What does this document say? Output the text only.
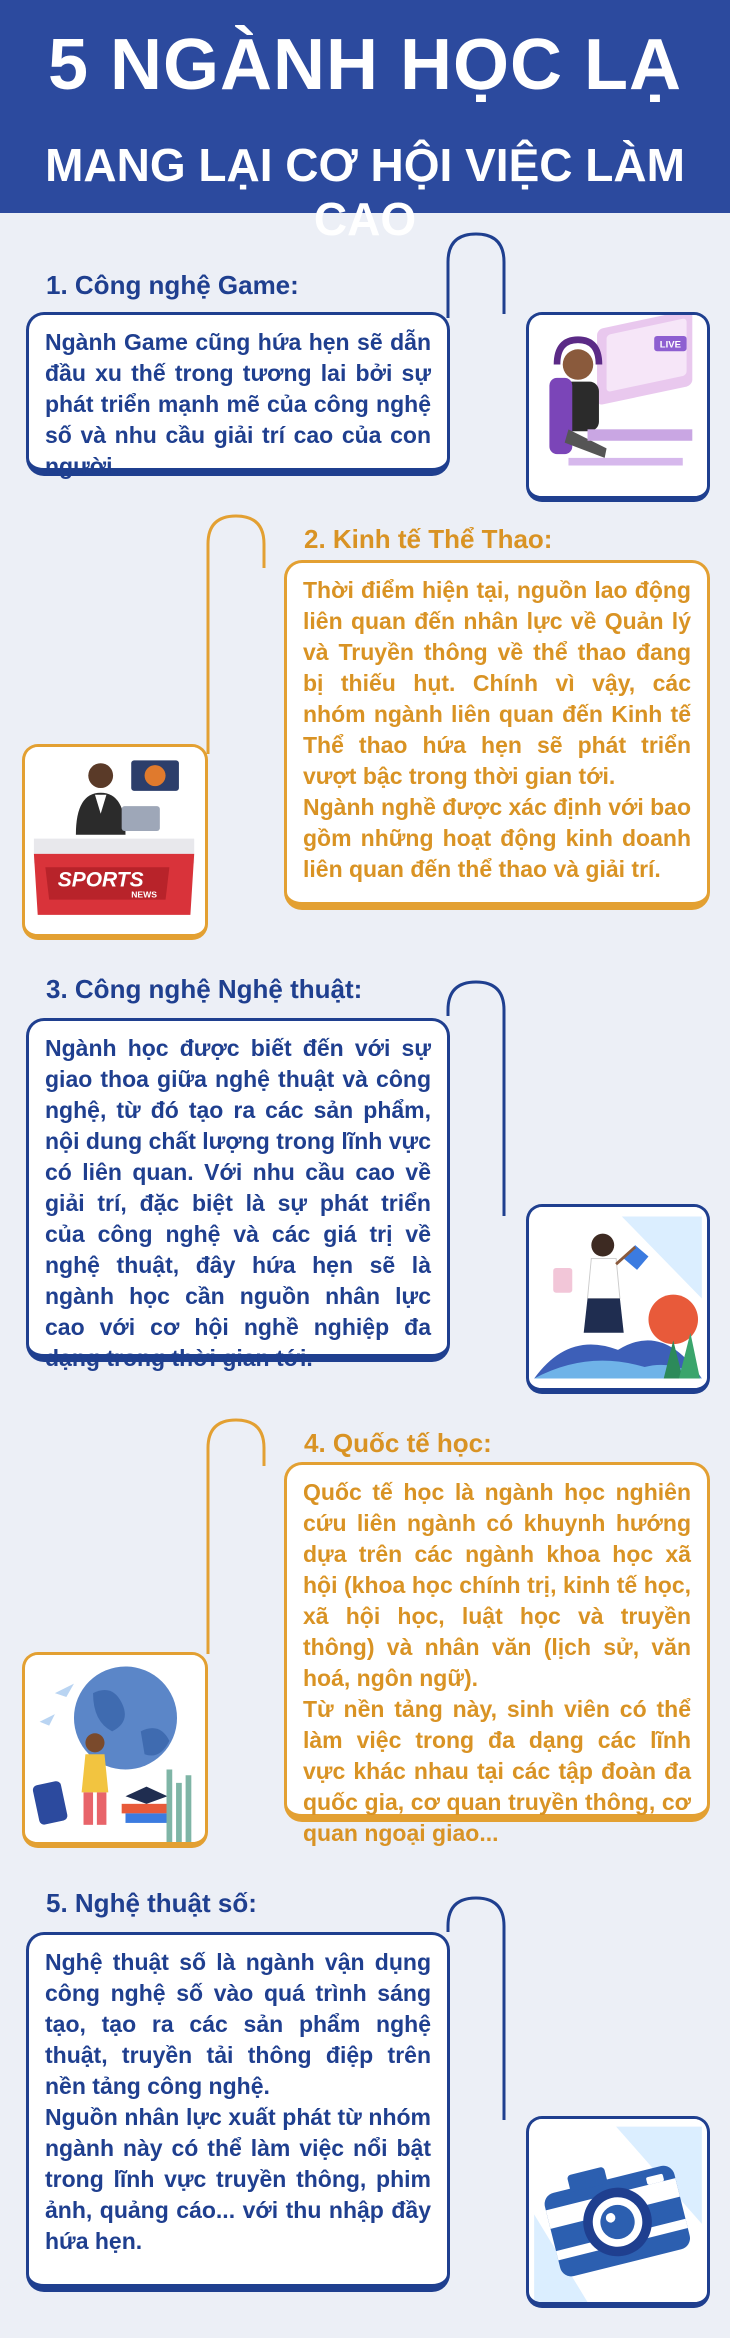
5 NGÀNH HỌC LẠ
MANG LẠI CƠ HỘI VIỆC LÀM CAO
1. Công nghệ Game:

Ngành Game cũng hứa hẹn sẽ dẫn đầu xu thế trong tương lai bởi sự phát triển mạnh mẽ của công nghệ số và nhu cầu giải trí cao của con người.

LIVE
2. Kinh tế Thể Thao:

Thời điểm hiện tại, nguồn lao động liên quan đến nhân lực về Quản lý và Truyền thông về thể thao đang bị thiếu hụt. Chính vì vậy, các nhóm ngành liên quan đến Kinh tế Thể thao hứa hẹn sẽ phát triển vượt bậc trong thời gian tới.

Ngành nghề được xác định với bao gồm những hoạt động kinh doanh liên quan đến thể thao và giải trí.

SPORTS
NEWS
3. Công nghệ Nghệ thuật:

Ngành học được biết đến với sự giao thoa giữa nghệ thuật và công nghệ, từ đó tạo ra các sản phẩm, nội dung chất lượng trong lĩnh vực có liên quan. Với nhu cầu cao về giải trí, đặc biệt là sự phát triển của công nghệ và các giá trị về nghệ thuật, đây hứa hẹn sẽ là ngành học cần nguồn nhân lực cao với cơ hội nghề nghiệp đa dạng trong thời gian tới.

4. Quốc tế học:

Quốc tế học là ngành học nghiên cứu liên ngành có khuynh hướng dựa trên các ngành khoa học xã hội (khoa học chính trị, kinh tế học, xã hội học, luật học và truyền thông) và nhân văn (lịch sử, văn hoá, ngôn ngữ).

Từ nền tảng này, sinh viên có thể làm việc trong đa dạng các lĩnh vực khác nhau tại các tập đoàn đa quốc gia, cơ quan truyền thông, cơ quan ngoại giao...

5. Nghệ thuật số:

Nghệ thuật số là ngành vận dụng công nghệ số vào quá trình sáng tạo, tạo ra các sản phẩm nghệ thuật, truyền tải thông điệp trên nền tảng công nghệ.

Nguồn nhân lực xuất phát từ nhóm ngành này có thể làm việc nổi bật trong lĩnh vực truyền thông, phim ảnh, quảng cáo... với thu nhập đầy hứa hẹn.
